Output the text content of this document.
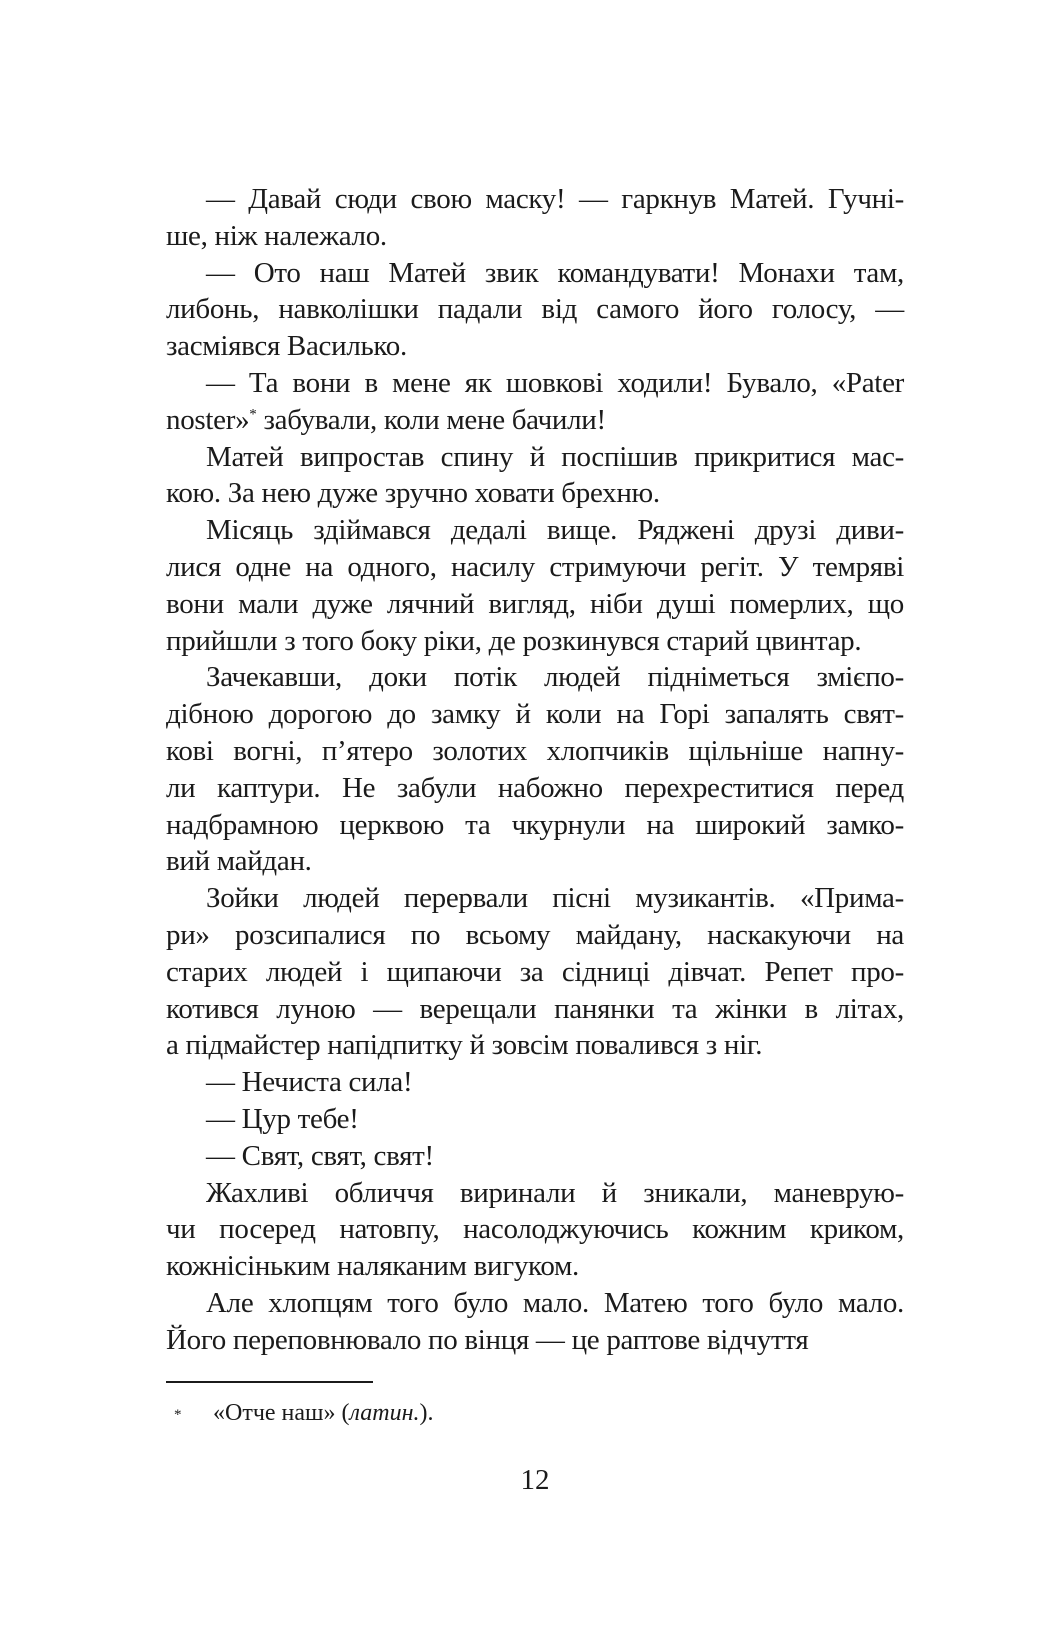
— Давай сюди свою маску! — гаркнув Матей. Гучні-
ше, ніж належало.
— Ото наш Матей звик командувати! Монахи там,
либонь, навколішки падали від самого його голосу, —
засміявся Василько.
— Та вони в мене як шовкові ходили! Бувало, «Pater
noster»* забували, коли мене бачили!
Матей випростав спину й поспішив прикритися мас-
кою. За нею дуже зручно ховати брехню.
Місяць здіймався дедалі вище. Ряджені друзі диви-
лися одне на одного, насилу стримуючи регіт. У темряві
вони мали дуже лячний вигляд, ніби душі померлих, що
прийшли з того боку ріки, де розкинувся старий цвинтар.
Зачекавши, доки потік людей підніметься змієпо-
дібною дорогою до замку й коли на Горі запалять свят-
кові вогні, п’ятеро золотих хлопчиків щільніше напну-
ли каптури. Не забули набожно перехреститися перед
надбрамною церквою та чкурнули на широкий замко-
вий майдан.
Зойки людей перервали пісні музикантів. «Прима-
ри» розсипалися по всьому майдану, наскакуючи на
старих людей і щипаючи за сідниці дівчат. Репет про-
котився луною — верещали панянки та жінки в літах,
а підмайстер напідпитку й зовсім повалився з ніг.
— Нечиста сила!
— Цур тебе!
— Свят, свят, свят!
Жахливі обличчя виринали й зникали, маневрую-
чи посеред натовпу, насолоджуючись кожним криком,
кожнісіньким наляканим вигуком.
Але хлопцям того було мало. Матею того було мало.
Його переповнювало по вінця — це раптове відчуття
*	«Отче наш» (латин.).
12
